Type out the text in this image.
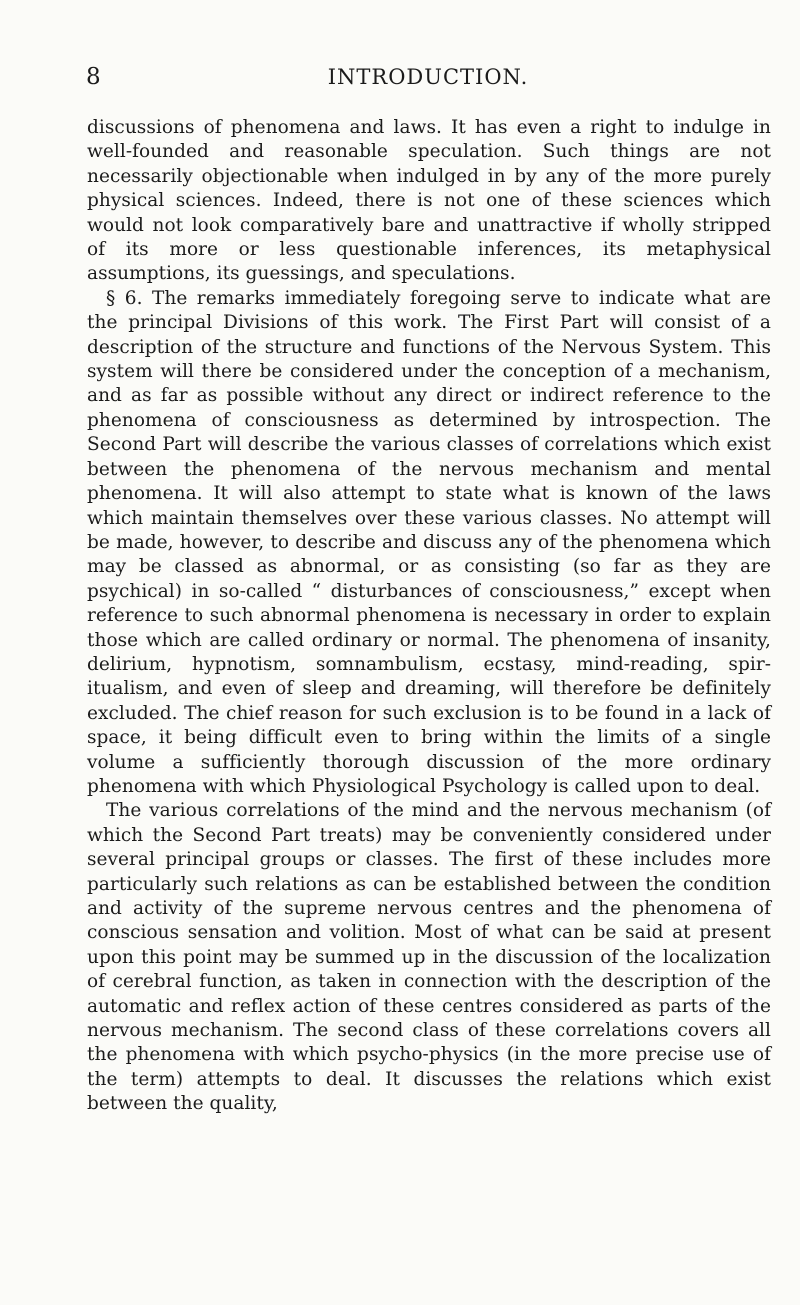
8	INTRODUCTION.

discussions of phenomena and laws. It has even a right to indulge in well-founded and reasonable speculation. Such things are not necessarily objectionable when indulged in by any of the more purely physical sciences. Indeed, there is not one of these sciences which would not look comparatively bare and unattractive if wholly stripped of its more or less questionable inferences, its metaphysical assumptions, its guessings, and speculations.

§ 6. The remarks immediately foregoing serve to indicate what are the principal Divisions of this work. The First Part will consist of a description of the structure and functions of the Nervous System. This system will there be considered under the conception of a mechanism, and as far as possible without any direct or indirect reference to the phenomena of consciousness as determined by introspection. The Second Part will describe the various classes of correlations which exist between the phenomena of the nervous mechanism and mental phenomena. It will also attempt to state what is known of the laws which maintain themselves over these various classes. No attempt will be made, however, to describe and discuss any of the phenomena which may be classed as abnormal, or as consisting (so far as they are psychical) in so-called “ disturbances of consciousness,” except when reference to such abnormal phenomena is necessary in order to explain those which are called ordinary or normal. The phenomena of insanity, delirium, hypnotism, somnambulism, ecstasy, mind-reading, spiritualism, and even of sleep and dreaming, will therefore be definitely excluded. The chief reason for such exclusion is to be found in a lack of space, it being difficult even to bring within the limits of a single volume a sufficiently thorough discussion of the more ordinary phenomena with which Physiological Psychology is called upon to deal.

The various correlations of the mind and the nervous mechanism (of which the Second Part treats) may be conveniently considered under several principal groups or classes. The first of these includes more particularly such relations as can be established between the condition and activity of the supreme nervous centres and the phenomena of conscious sensation and volition. Most of what can be said at present upon this point may be summed up in the discussion of the localization of cerebral function, as taken in connection with the description of the automatic and reflex action of these centres considered as parts of the nervous mechanism. The second class of these correlations covers all the phenomena with which psycho-physics (in the more precise use of the term) attempts to deal. It discusses the relations which exist between the quality,
